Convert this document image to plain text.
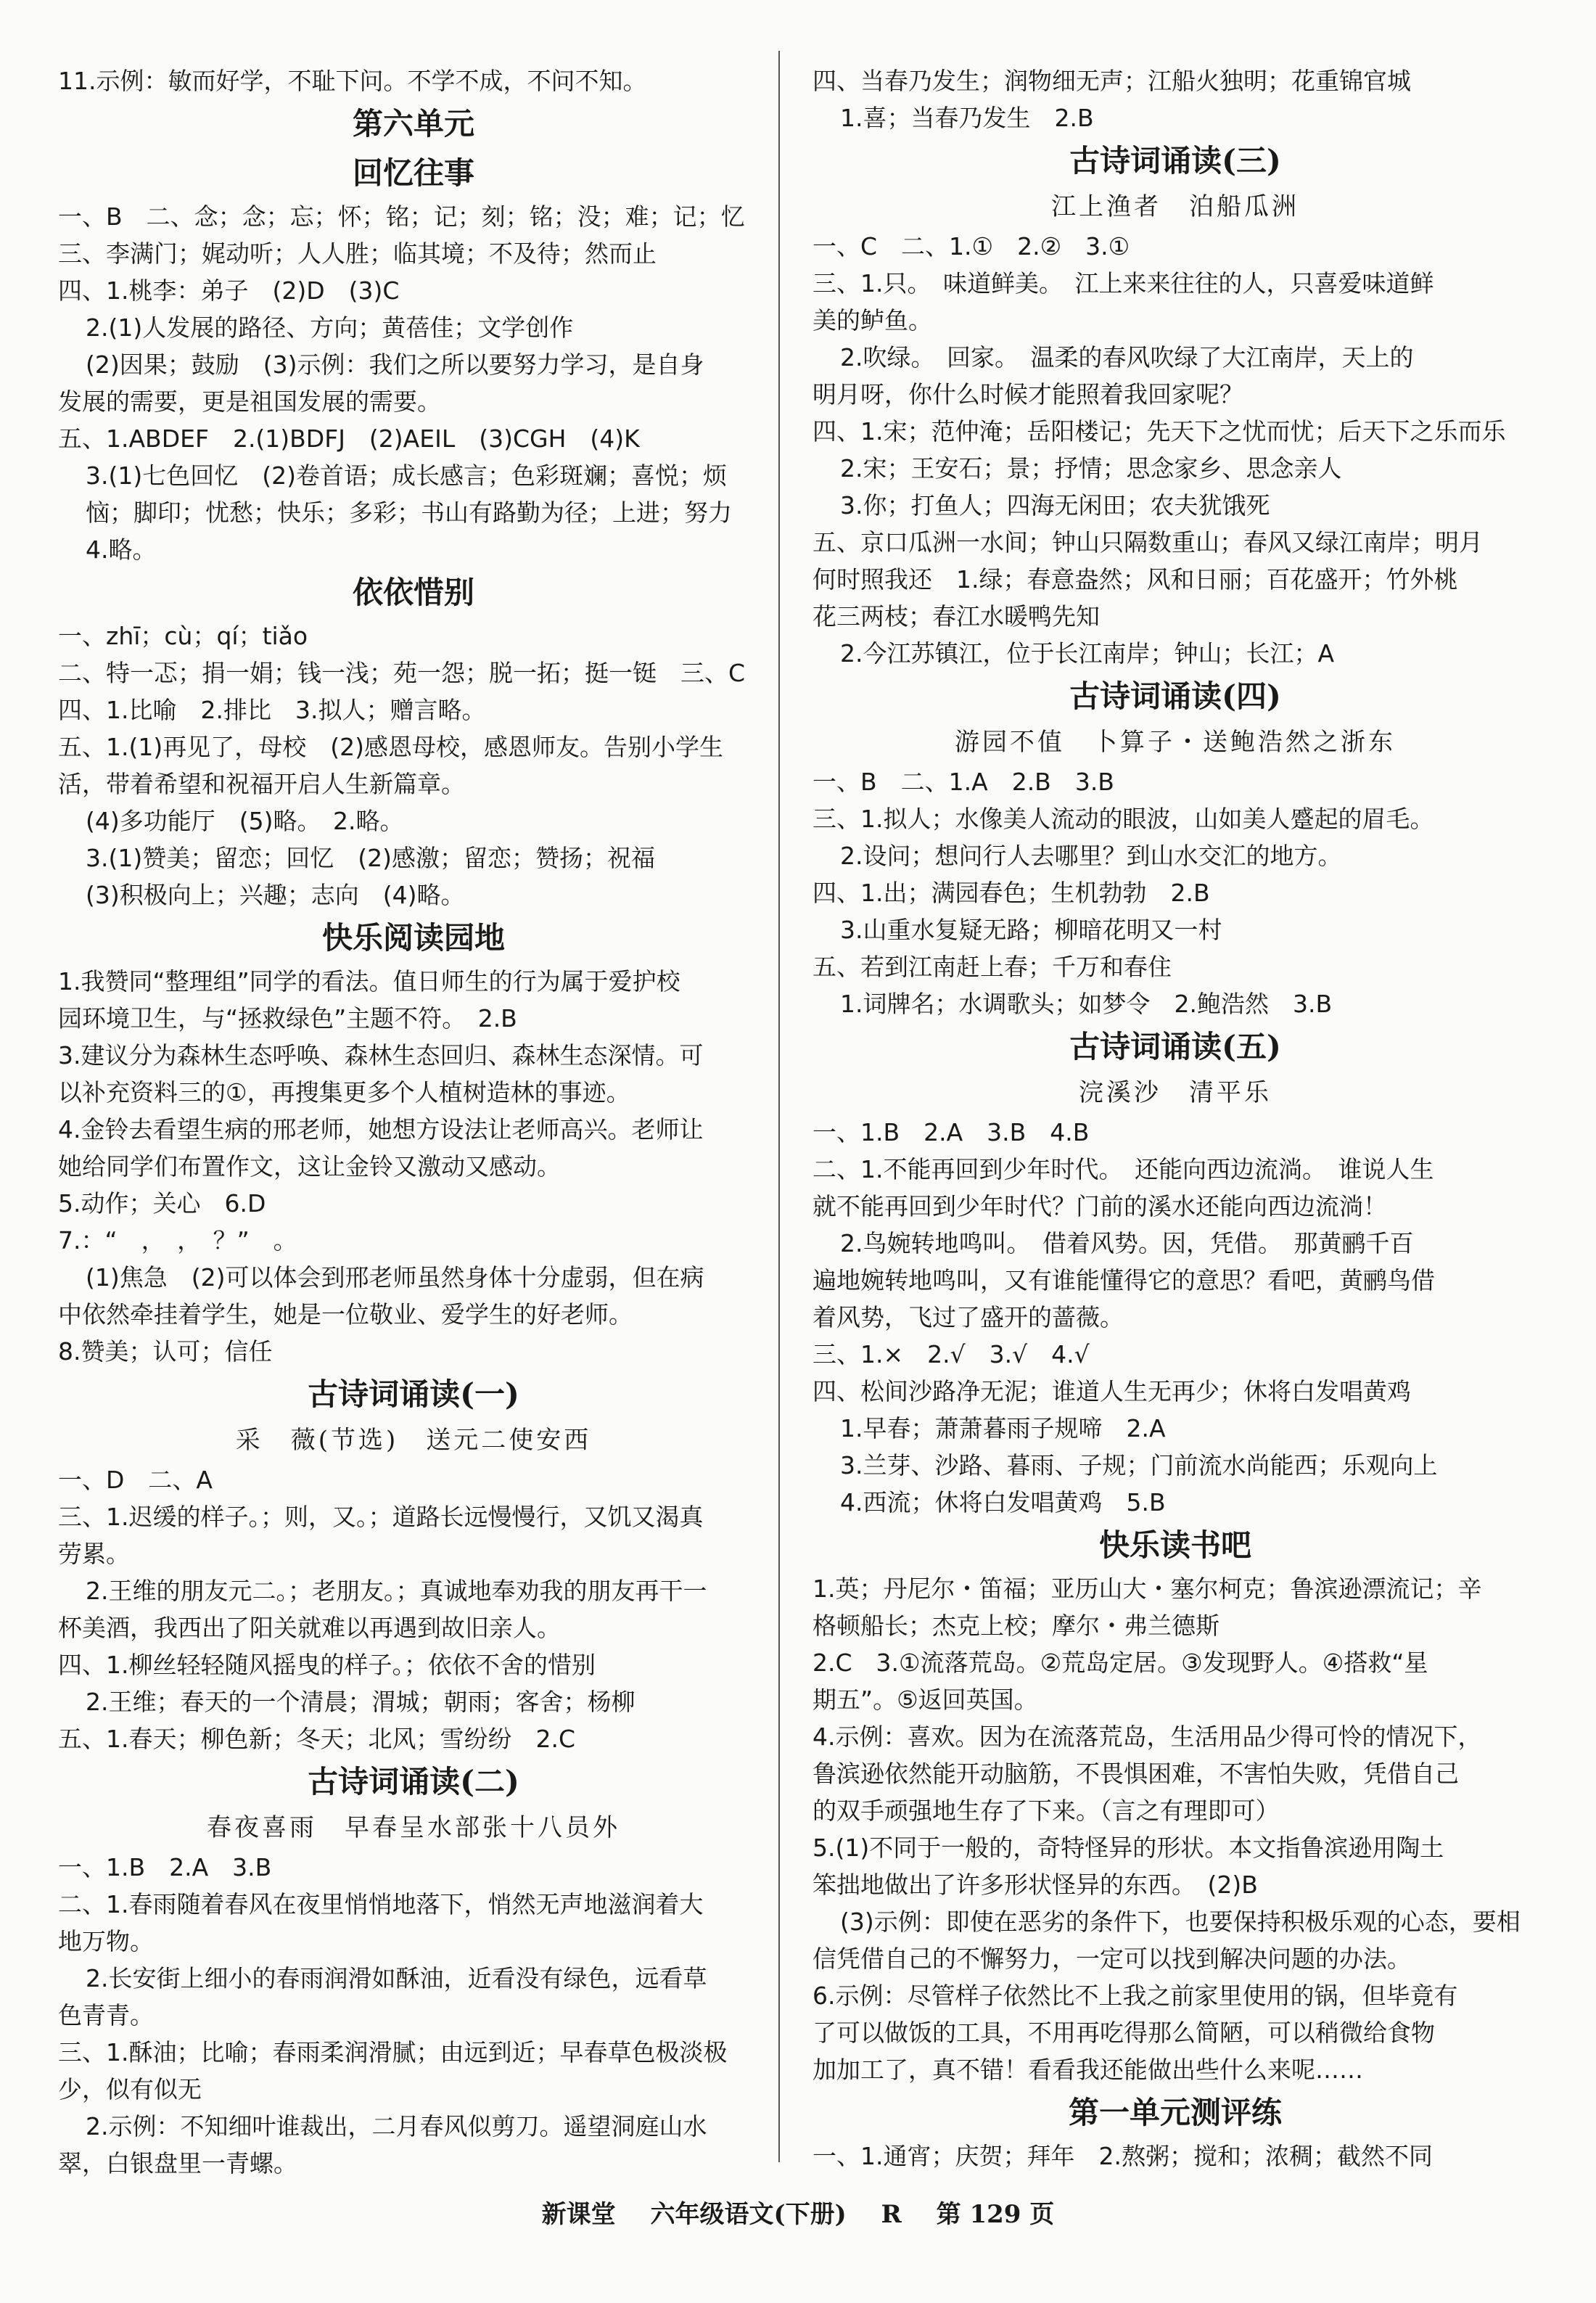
11.示例：敏而好学，不耻下问。不学不成，不问不知。
第六单元
回忆往事
一、B　二、念；念；忘；怀；铭；记；刻；铭；没；难；记；忆
三、李满门；娓动听；人人胜；临其境；不及待；然而止
四、1.桃李：弟子　(2)D　(3)C
2.(1)人发展的路径、方向；黄蓓佳；文学创作
(2)因果；鼓励　(3)示例：我们之所以要努力学习，是自身
发展的需要，更是祖国发展的需要。
五、1.ABDEF　2.(1)BDFJ　(2)AEIL　(3)CGH　(4)K
3.(1)七色回忆　(2)卷首语；成长感言；色彩斑斓；喜悦；烦
恼；脚印；忧愁；快乐；多彩；书山有路勤为径；上进；努力
4.略。
依依惜别
一、zhī；cù；qí；tiǎo
二、特一忑；捐一娟；钱一浅；苑一怨；脱一拓；挺一铤　三、C
四、1.比喻　2.排比　3.拟人；赠言略。
五、1.(1)再见了，母校　(2)感恩母校，感恩师友。告别小学生
活，带着希望和祝福开启人生新篇章。
(4)多功能厅　(5)略。　2.略。
3.(1)赞美；留恋；回忆　(2)感激；留恋；赞扬；祝福
(3)积极向上；兴趣；志向　(4)略。
快乐阅读园地
1.我赞同“整理组”同学的看法。值日师生的行为属于爱护校
园环境卫生，与“拯救绿色”主题不符。　2.B
3.建议分为森林生态呼唤、森林生态回归、森林生态深情。可
以补充资料三的①，再搜集更多个人植树造林的事迹。
4.金铃去看望生病的邢老师，她想方设法让老师高兴。老师让
她给同学们布置作文，这让金铃又激动又感动。
5.动作；关心　6.D
7.：“　，　，　？”　。
(1)焦急　(2)可以体会到邢老师虽然身体十分虚弱，但在病
中依然牵挂着学生，她是一位敬业、爱学生的好老师。
8.赞美；认可；信任
古诗词诵读(一)
采　薇(节选)　送元二使安西
一、D　二、A
三、1.迟缓的样子。；则，又。；道路长远慢慢行，又饥又渴真
劳累。
2.王维的朋友元二。；老朋友。；真诚地奉劝我的朋友再干一
杯美酒，我西出了阳关就难以再遇到故旧亲人。
四、1.柳丝轻轻随风摇曳的样子。；依依不舍的惜别
2.王维；春天的一个清晨；渭城；朝雨；客舍；杨柳
五、1.春天；柳色新；冬天；北风；雪纷纷　2.C
古诗词诵读(二)
春夜喜雨　早春呈水部张十八员外
一、1.B　2.A　3.B
二、1.春雨随着春风在夜里悄悄地落下，悄然无声地滋润着大
地万物。
2.长安街上细小的春雨润滑如酥油，近看没有绿色，远看草
色青青。
三、1.酥油；比喻；春雨柔润滑腻；由远到近；早春草色极淡极
少，似有似无
2.示例：不知细叶谁裁出，二月春风似剪刀。遥望洞庭山水
翠，白银盘里一青螺。
四、当春乃发生；润物细无声；江船火独明；花重锦官城
1.喜；当春乃发生　2.B
古诗词诵读(三)
江上渔者　泊船瓜洲
一、C　二、1.①　2.②　3.①
三、1.只。　味道鲜美。　江上来来往往的人，只喜爱味道鲜
美的鲈鱼。
2.吹绿。　回家。　温柔的春风吹绿了大江南岸，天上的
明月呀，你什么时候才能照着我回家呢？
四、1.宋；范仲淹；岳阳楼记；先天下之忧而忧；后天下之乐而乐
2.宋；王安石；景；抒情；思念家乡、思念亲人
3.你；打鱼人；四海无闲田；农夫犹饿死
五、京口瓜洲一水间；钟山只隔数重山；春风又绿江南岸；明月
何时照我还　1.绿；春意盎然；风和日丽；百花盛开；竹外桃
花三两枝；春江水暖鸭先知
2.今江苏镇江，位于长江南岸；钟山；长江；A
古诗词诵读(四)
游园不值　卜算子・送鲍浩然之浙东
一、B　二、1.A　2.B　3.B
三、1.拟人；水像美人流动的眼波，山如美人蹙起的眉毛。
2.设问；想问行人去哪里？到山水交汇的地方。
四、1.出；满园春色；生机勃勃　2.B
3.山重水复疑无路；柳暗花明又一村
五、若到江南赶上春；千万和春住
1.词牌名；水调歌头；如梦令　2.鲍浩然　3.B
古诗词诵读(五)
浣溪沙　清平乐
一、1.B　2.A　3.B　4.B
二、1.不能再回到少年时代。　还能向西边流淌。　谁说人生
就不能再回到少年时代？门前的溪水还能向西边流淌！
2.鸟婉转地鸣叫。　借着风势。因，凭借。　那黄鹂千百
遍地婉转地鸣叫，又有谁能懂得它的意思？看吧，黄鹂鸟借
着风势，飞过了盛开的蔷薇。
三、1.×　2.√　3.√　4.√
四、松间沙路净无泥；谁道人生无再少；休将白发唱黄鸡
1.早春；萧萧暮雨子规啼　2.A
3.兰芽、沙路、暮雨、子规；门前流水尚能西；乐观向上
4.西流；休将白发唱黄鸡　5.B
快乐读书吧
1.英；丹尼尔・笛福；亚历山大・塞尔柯克；鲁滨逊漂流记；辛
格顿船长；杰克上校；摩尔・弗兰德斯
2.C　3.①流落荒岛。②荒岛定居。③发现野人。④搭救“星
期五”。⑤返回英国。
4.示例：喜欢。因为在流落荒岛，生活用品少得可怜的情况下，
鲁滨逊依然能开动脑筋，不畏惧困难，不害怕失败，凭借自己
的双手顽强地生存了下来。（言之有理即可）
5.(1)不同于一般的，奇特怪异的形状。本文指鲁滨逊用陶土
笨拙地做出了许多形状怪异的东西。　(2)B
(3)示例：即使在恶劣的条件下，也要保持积极乐观的心态，要相
信凭借自己的不懈努力，一定可以找到解决问题的办法。
6.示例：尽管样子依然比不上我之前家里使用的锅，但毕竟有
了可以做饭的工具，不用再吃得那么简陋，可以稍微给食物
加加工了，真不错！看看我还能做出些什么来呢……
第一单元测评练
一、1.通宵；庆贺；拜年　2.熬粥；搅和；浓稠；截然不同
新课堂 六年级语文(下册) R 第 129 页
